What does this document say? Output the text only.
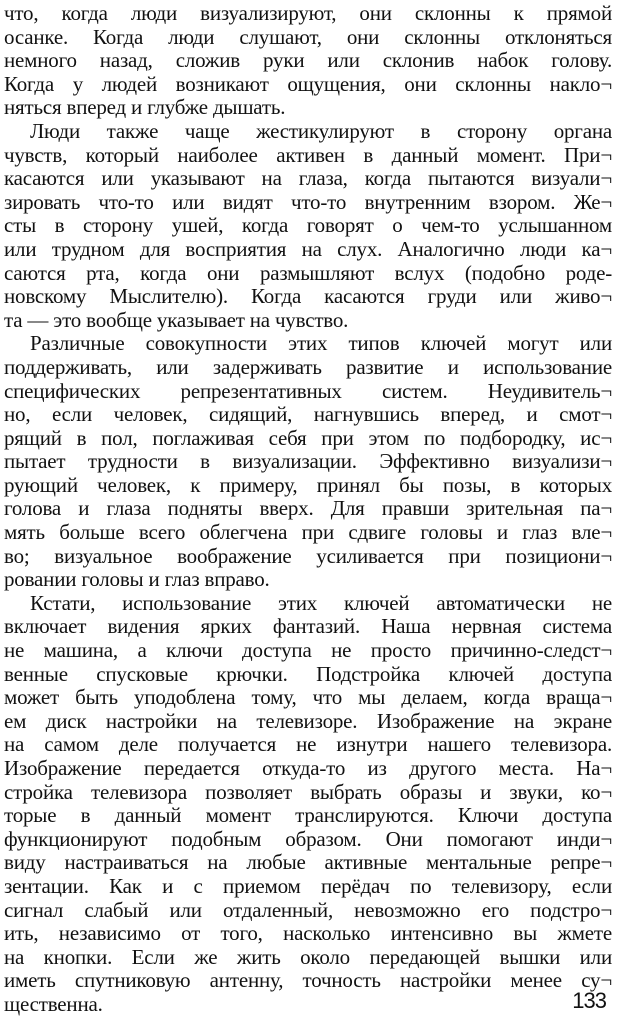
что, когда люди визуализируют, они склонны к прямой
осанке. Когда люди слушают, они склонны отклоняться
немного назад, сложив руки или склонив набок голову.
Когда у людей возникают ощущения, они склонны накло¬
няться вперед и глубже дышать.
Люди также чаще жестикулируют в сторону органа
чувств, который наиболее активен в данный момент. При¬
касаются или указывают на глаза, когда пытаются визуали¬
зировать что-то или видят что-то внутренним взором. Же¬
сты в сторону ушей, когда говорят о чем-то услышанном
или трудном для восприятия на слух. Аналогично люди ка¬
саются рта, когда они размышляют вслух (подобно роде-
новскому Мыслителю). Когда касаются груди или живо¬
та — это вообще указывает на чувство.
Различные совокупности этих типов ключей могут или
поддерживать, или задерживать развитие и использование
специфических репрезентативных систем. Неудивитель¬
но, если человек, сидящий, нагнувшись вперед, и смот¬
рящий в пол, поглаживая себя при этом по подбородку, ис¬
пытает трудности в визуализации. Эффективно визуализи¬
рующий человек, к примеру, принял бы позы, в которых
голова и глаза подняты вверх. Для правши зрительная па¬
мять больше всего облегчена при сдвиге головы и глаз вле¬
во; визуальное воображение усиливается при позициони¬
ровании головы и глаз вправо.
Кстати, использование этих ключей автоматически не
включает видения ярких фантазий. Наша нервная система
не машина, а ключи доступа не просто причинно-следст¬
венные спусковые крючки. Подстройка ключей доступа
может быть уподоблена тому, что мы делаем, когда враща¬
ем диск настройки на телевизоре. Изображение на экране
на самом деле получается не изнутри нашего телевизора.
Изображение передается откуда-то из другого места. На¬
стройка телевизора позволяет выбрать образы и звуки, ко¬
торые в данный момент транслируются. Ключи доступа
функционируют подобным образом. Они помогают инди¬
виду настраиваться на любые активные ментальные репре¬
зентации. Как и с приемом перёдач по телевизору, если
сигнал слабый или отдаленный, невозможно его подстро¬
ить, независимо от того, насколько интенсивно вы жмете
на кнопки. Если же жить около передающей вышки или
иметь спутниковую антенну, точность настройки менее су¬
щественна.	133
